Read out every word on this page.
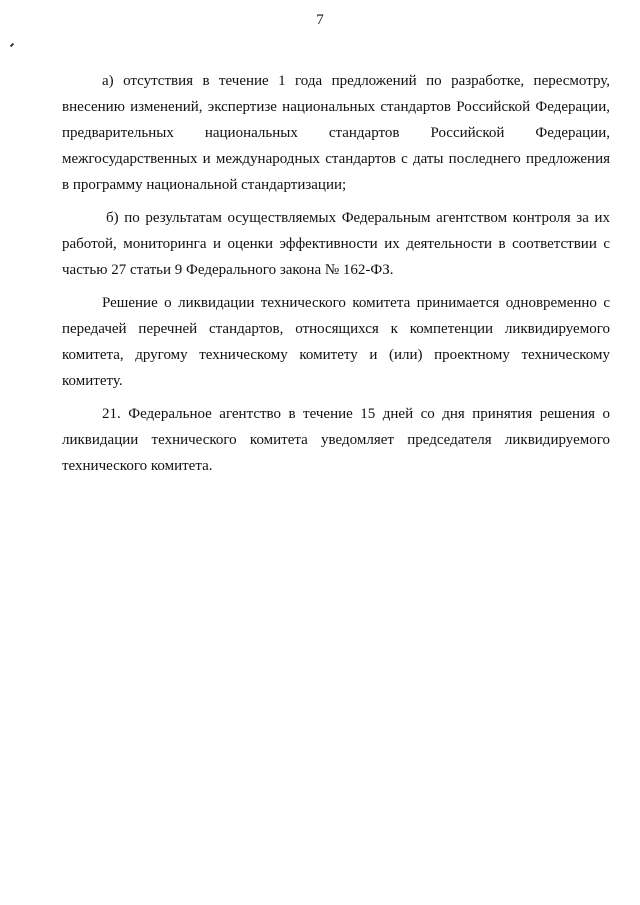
7
а) отсутствия в течение 1 года предложений по разработке, пересмотру,
внесению изменений, экспертизе национальных стандартов Российской Федерации,
предварительных национальных стандартов Российской Федерации,
межгосударственных и международных стандартов с даты последнего предложения
в программу национальной стандартизации;
б) по результатам осуществляемых Федеральным агентством контроля за их
работой, мониторинга и оценки эффективности их деятельности в соответствии с
частью 27 статьи 9 Федерального закона № 162-ФЗ.
Решение о ликвидации технического комитета принимается одновременно с
передачей перечней стандартов, относящихся к компетенции ликвидируемого
комитета, другому техническому комитету и (или) проектному техническому
комитету.
21. Федеральное агентство в течение 15 дней со дня принятия решения о
ликвидации технического комитета уведомляет председателя ликвидируемого
технического комитета.
